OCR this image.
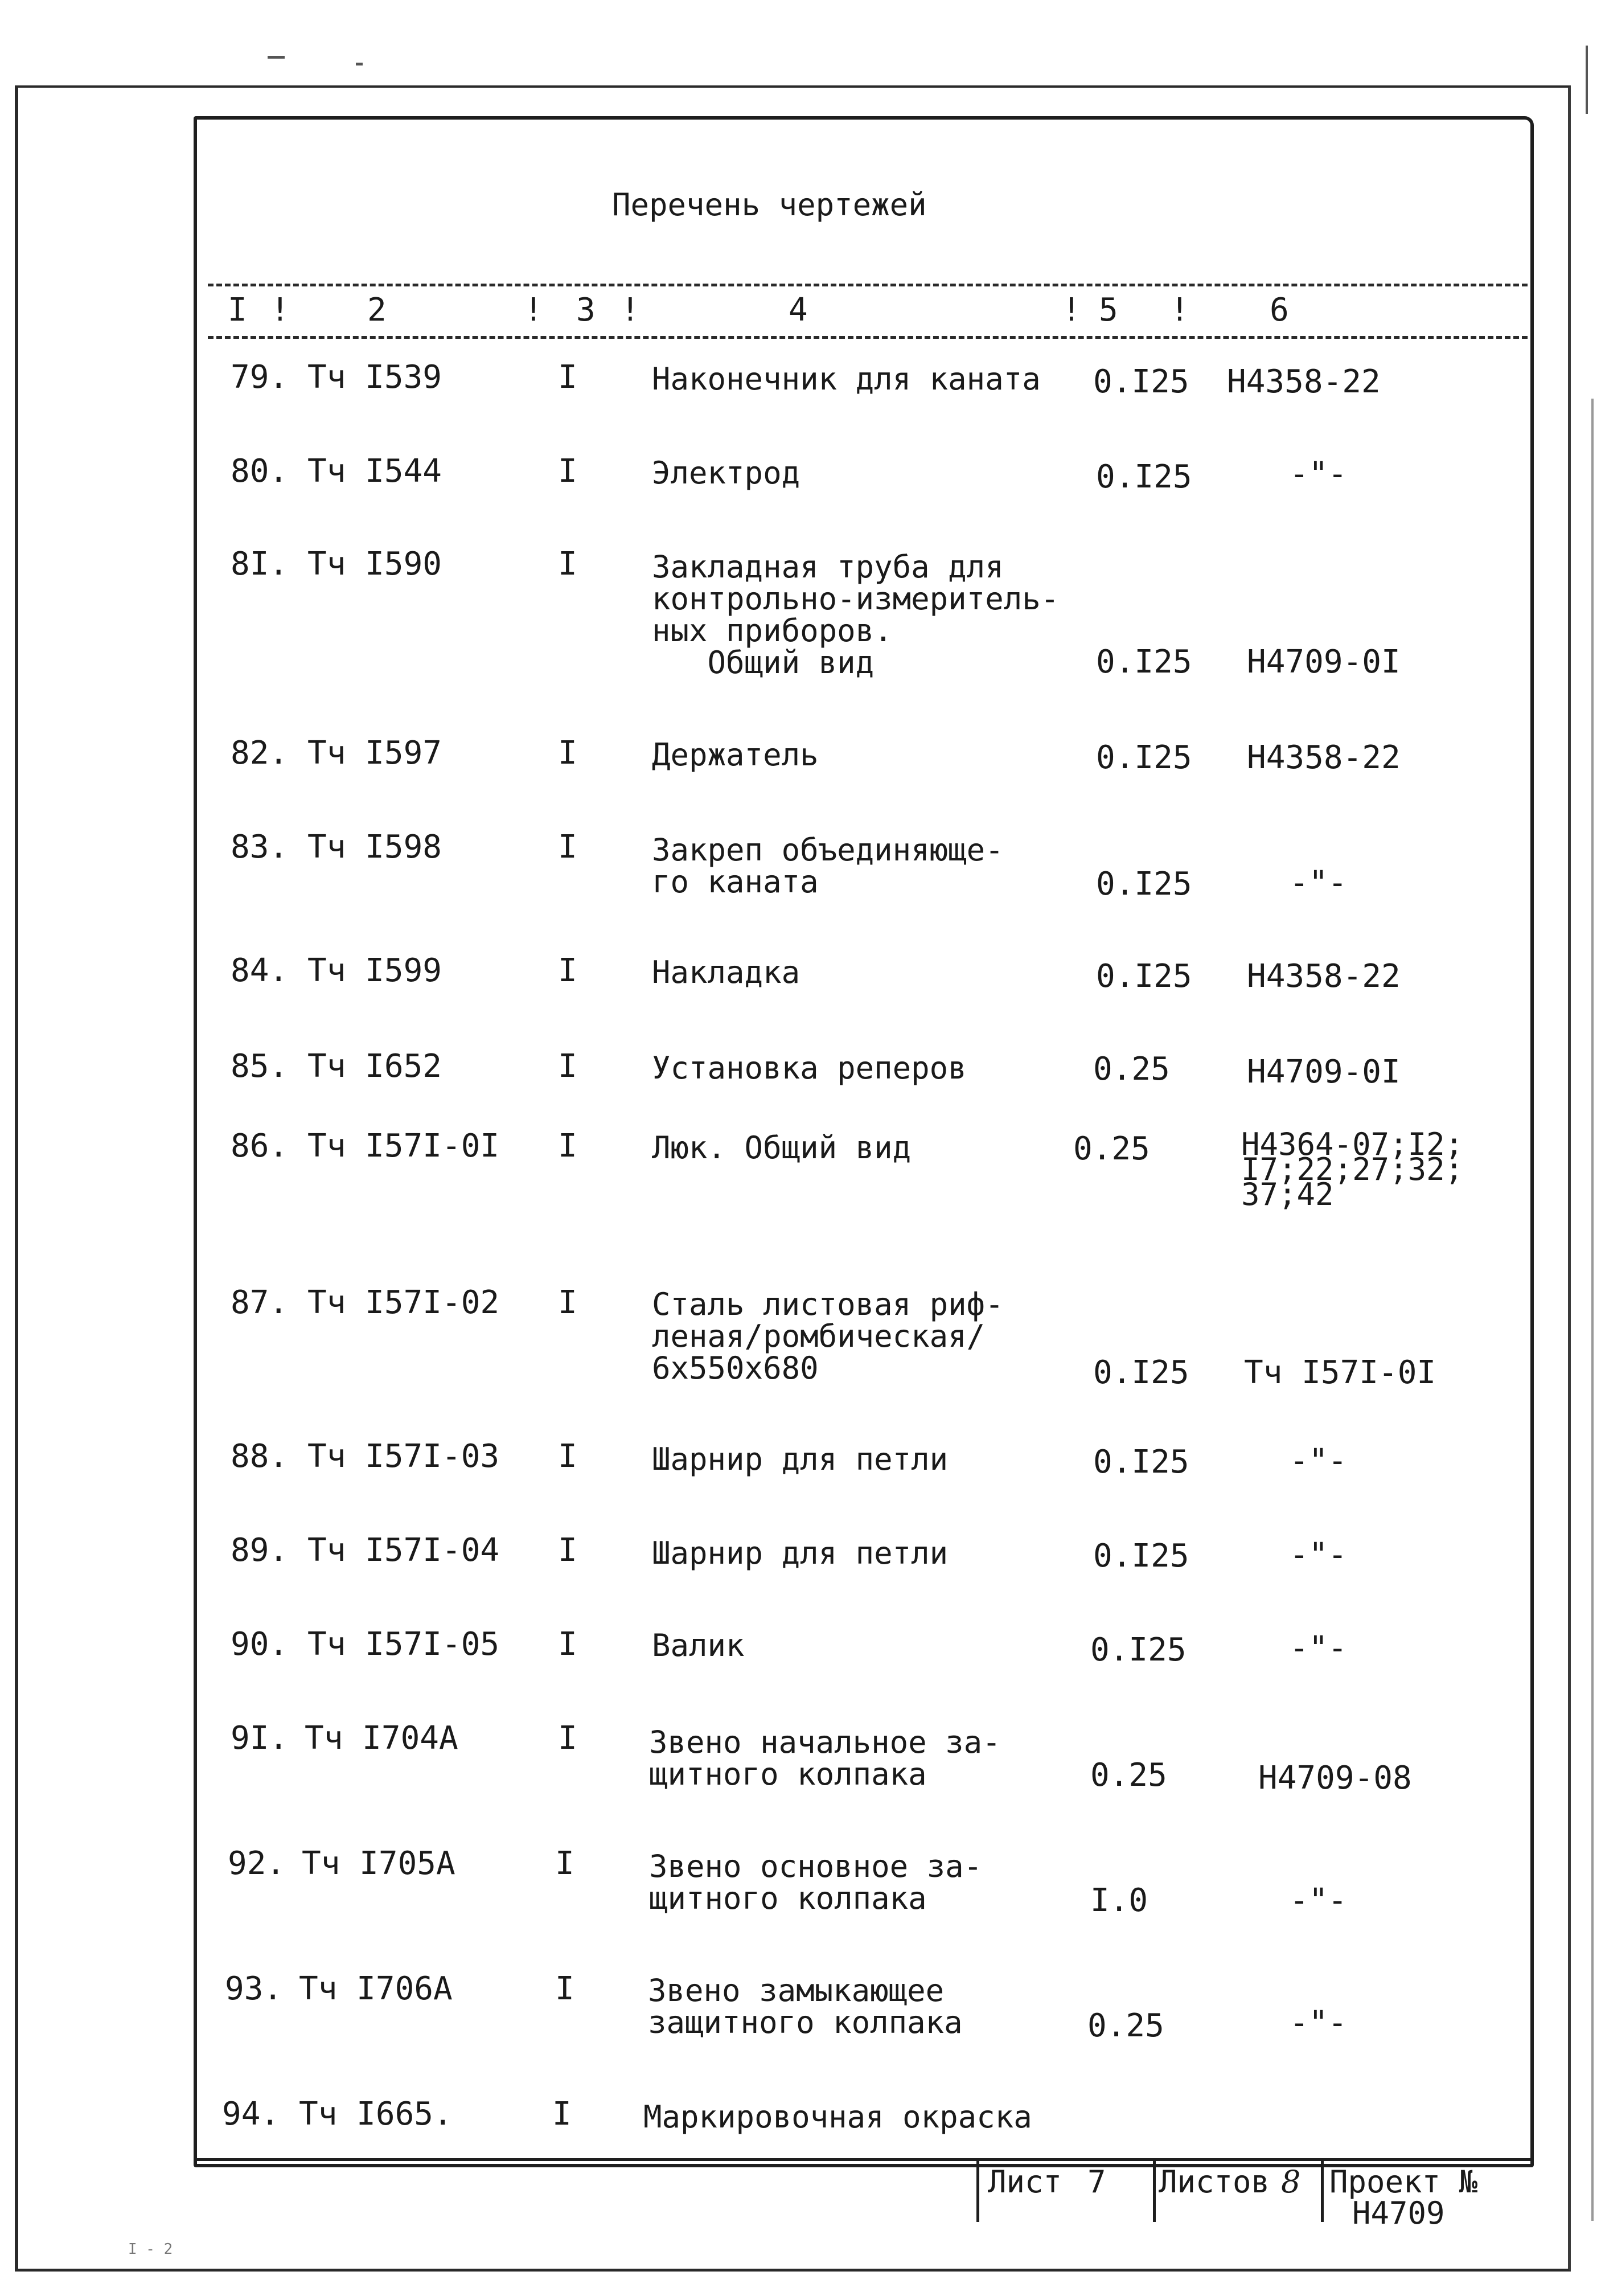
Перечень чертежей
I ! 2	! 3 !	4	! 5 !	6
79. Тч I539	I Наконечник для каната 0.I25 Н4358-22
80. Тч I544	I Электрод	0.I25	-"-
8I. Тч I590	I Закладная труба для
контрольно-измеритель-
ных приборов.
Общий вид	0.I25 Н4709-0I
82. Тч I597	I Держатель	0.I25 Н4358-22
83. Тч I598	I Закреп объединяюще-
го каната	0.I25	-"-
84. Тч I599	I Накладка	0.I25 Н4358-22
85. Тч I652	I Установка реперов	0.25 Н4709-0I
86. Тч I57I-0I I Люк. Общий вид	0.25	Н4364-07;I2;
I7;22;27;32;
37;42
87. Тч I57I-02 I Сталь листовая риф-
леная/ромбическая/
6х550х680	0.I25 Тч I57I-0I
88. Тч I57I-03 I Шарнир для петли	0.I25	-"-
89. Тч I57I-04 I Шарнир для петли	0.I25	-"-
90. Тч I57I-05 I Валик	0.I25	-"-
9I. Тч I704А	I Звено начальное за-
щитного колпака	0.25	Н4709-08
92. Тч I705А	I Звено основное за-
щитного колпака	I.0	-"-
93. Тч I706А	I Звено замыкающее
защитного колпака	0.25	-"-
94. Тч I665.	I Маркировочная окраска
Лист 7 Листов 8 Проект №
Н4709
I - 2
